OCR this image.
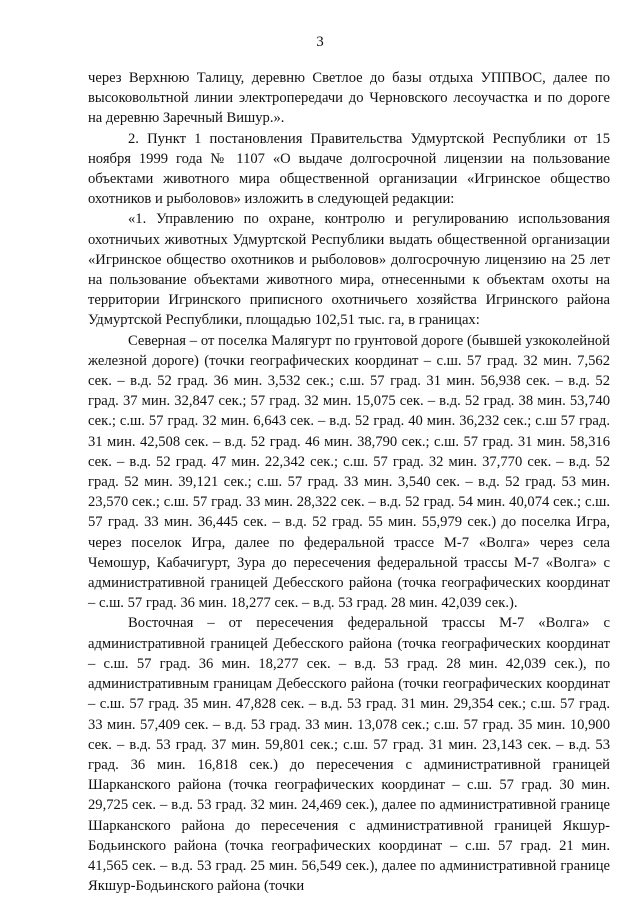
3

через Верхнюю Талицу, деревню Светлое до базы отдыха УППВОС, далее по высоковольтной линии электропередачи до Черновского лесоучастка и по дороге на деревню Заречный Вишур.».

2. Пункт 1 постановления Правительства Удмуртской Республики от 15 ноября 1999 года № 1107 «О выдаче долгосрочной лицензии на пользование объектами животного мира общественной организации «Игринское общество охотников и рыболовов» изложить в следующей редакции:

«1. Управлению по охране, контролю и регулированию использования охотничьих животных Удмуртской Республики выдать общественной организации «Игринское общество охотников и рыболовов» долгосрочную лицензию на 25 лет на пользование объектами животного мира, отнесенными к объектам охоты на территории Игринского приписного охотничьего хозяйства Игринского района Удмуртской Республики, площадью 102,51 тыс. га, в границах:

Северная – от поселка Малягурт по грунтовой дороге (бывшей узкоколейной железной дороге) (точки географических координат – с.ш. 57 град. 32 мин. 7,562 сек. – в.д. 52 град. 36 мин. 3,532 сек.; с.ш. 57 град. 31 мин. 56,938 сек. – в.д. 52 град. 37 мин. 32,847 сек.; 57 град. 32 мин. 15,075 сек. – в.д. 52 град. 38 мин. 53,740 сек.; с.ш. 57 град. 32 мин. 6,643 сек. – в.д. 52 град. 40 мин. 36,232 сек.; с.ш 57 град. 31 мин. 42,508 сек. – в.д. 52 град. 46 мин. 38,790 сек.; с.ш. 57 град. 31 мин. 58,316 сек. – в.д. 52 град. 47 мин. 22,342 сек.; с.ш. 57 град. 32 мин. 37,770 сек. – в.д. 52 град. 52 мин. 39,121 сек.; с.ш. 57 град. 33 мин. 3,540 сек. – в.д. 52 град. 53 мин. 23,570 сек.; с.ш. 57 град. 33 мин. 28,322 сек. – в.д. 52 град. 54 мин. 40,074 сек.; с.ш. 57 град. 33 мин. 36,445 сек. – в.д. 52 град. 55 мин. 55,979 сек.) до поселка Игра, через поселок Игра, далее по федеральной трассе М-7 «Волга» через села Чемошур, Кабачигурт, Зура до пересечения федеральной трассы М-7 «Волга» с административной границей Дебесского района (точка географических координат – с.ш. 57 град. 36 мин. 18,277 сек. – в.д. 53 град. 28 мин. 42,039 сек.).

Восточная – от пересечения федеральной трассы М-7 «Волга» с административной границей Дебесского района (точка географических координат – с.ш. 57 град. 36 мин. 18,277 сек. – в.д. 53 град. 28 мин. 42,039 сек.), по административным границам Дебесского района (точки географических координат – с.ш. 57 град. 35 мин. 47,828 сек. – в.д. 53 град. 31 мин. 29,354 сек.; с.ш. 57 град. 33 мин. 57,409 сек. – в.д. 53 град. 33 мин. 13,078 сек.; с.ш. 57 град. 35 мин. 10,900 сек. – в.д. 53 град. 37 мин. 59,801 сек.; с.ш. 57 град. 31 мин. 23,143 сек. – в.д. 53 град. 36 мин. 16,818 сек.) до пересечения с административной границей Шарканского района (точка географических координат – с.ш. 57 град. 30 мин. 29,725 сек. – в.д. 53 град. 32 мин. 24,469 сек.), далее по административной границе Шарканского района до пересечения с административной границей Якшур-Бодьинского района (точка географических координат – с.ш. 57 град. 21 мин. 41,565 сек. – в.д. 53 град. 25 мин. 56,549 сек.), далее по административной границе Якшур-Бодьинского района (точки
